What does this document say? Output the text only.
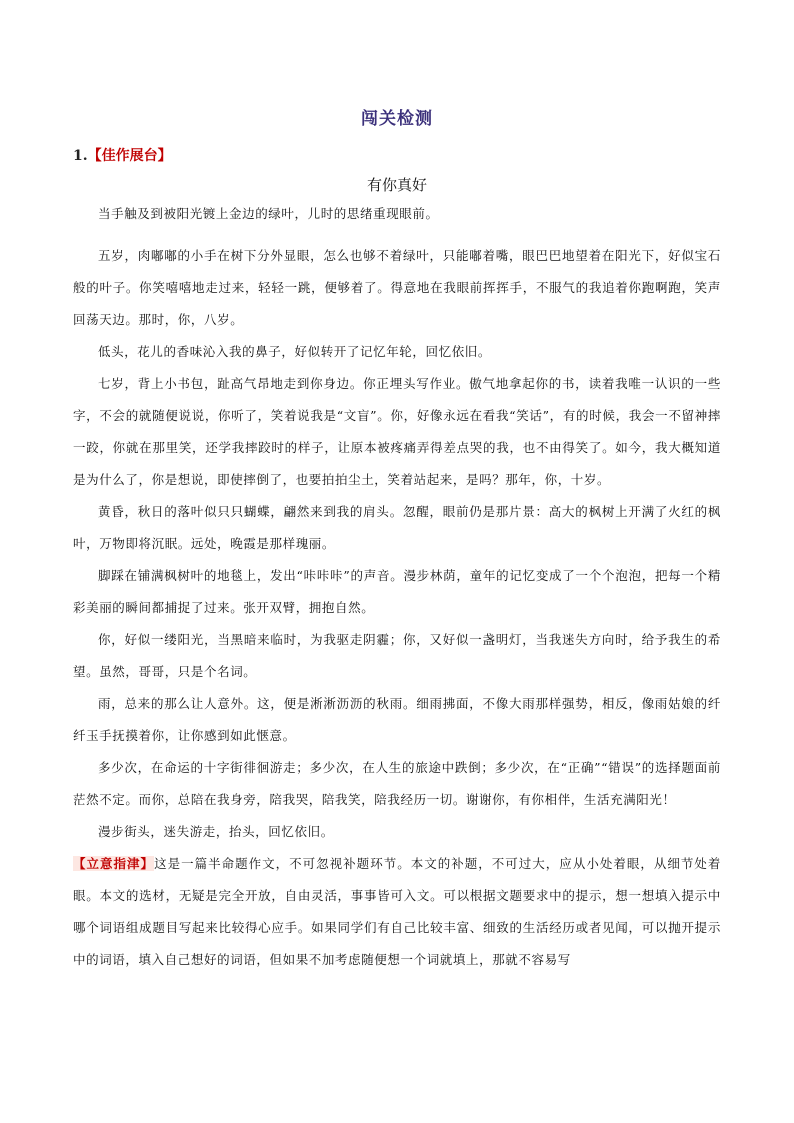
闯关检测
1.【佳作展台】
有你真好

当手触及到被阳光镀上金边的绿叶，儿时的思绪重现眼前。

五岁，肉嘟嘟的小手在树下分外显眼，怎么也够不着绿叶，只能嘟着嘴，眼巴巴地望着在阳光下，好似宝石般的叶子。你笑嘻嘻地走过来，轻轻一跳，便够着了。得意地在我眼前挥挥手，不服气的我追着你跑啊跑，笑声回荡天边。那时，你，八岁。

低头，花儿的香味沁入我的鼻子，好似转开了记忆年轮，回忆依旧。

七岁，背上小书包，趾高气昂地走到你身边。你正埋头写作业。傲气地拿起你的书，读着我唯一认识的一些字，不会的就随便说说，你听了，笑着说我是“文盲”。你，好像永远在看我“笑话”，有的时候，我会一不留神摔一跤，你就在那里笑，还学我摔跤时的样子，让原本被疼痛弄得差点哭的我，也不由得笑了。如今，我大概知道是为什么了，你是想说，即使摔倒了，也要拍拍尘土，笑着站起来，是吗？那年，你，十岁。

黄昏，秋日的落叶似只只蝴蝶，翩然来到我的肩头。忽醒，眼前仍是那片景：高大的枫树上开满了火红的枫叶，万物即将沉眠。远处，晚霞是那样瑰丽。

脚踩在铺满枫树叶的地毯上，发出“咔咔咔”的声音。漫步林荫，童年的记忆变成了一个个泡泡，把每一个精彩美丽的瞬间都捕捉了过来。张开双臂，拥抱自然。

你，好似一缕阳光，当黑暗来临时，为我驱走阴霾；你，又好似一盏明灯，当我迷失方向时，给予我生的希望。虽然，哥哥，只是个名词。

雨，总来的那么让人意外。这，便是淅淅沥沥的秋雨。细雨拂面，不像大雨那样强势，相反，像雨姑娘的纤纤玉手抚摸着你，让你感到如此惬意。

多少次，在命运的十字街徘徊游走；多少次，在人生的旅途中跌倒；多少次，在“正确”“错误”的选择题面前茫然不定。而你，总陪在我身旁，陪我哭，陪我笑，陪我经历一切。谢谢你，有你相伴，生活充满阳光！

漫步街头，迷失游走，抬头，回忆依旧。

【立意指津】这是一篇半命题作文，不可忽视补题环节。本文的补题，不可过大，应从小处着眼，从细节处着眼。本文的选材，无疑是完全开放，自由灵活，事事皆可入文。可以根据文题要求中的提示，想一想填入提示中哪个词语组成题目写起来比较得心应手。如果同学们有自己比较丰富、细致的生活经历或者见闻，可以抛开提示中的词语，填入自己想好的词语，但如果不加考虑随便想一个词就填上，那就不容易写
